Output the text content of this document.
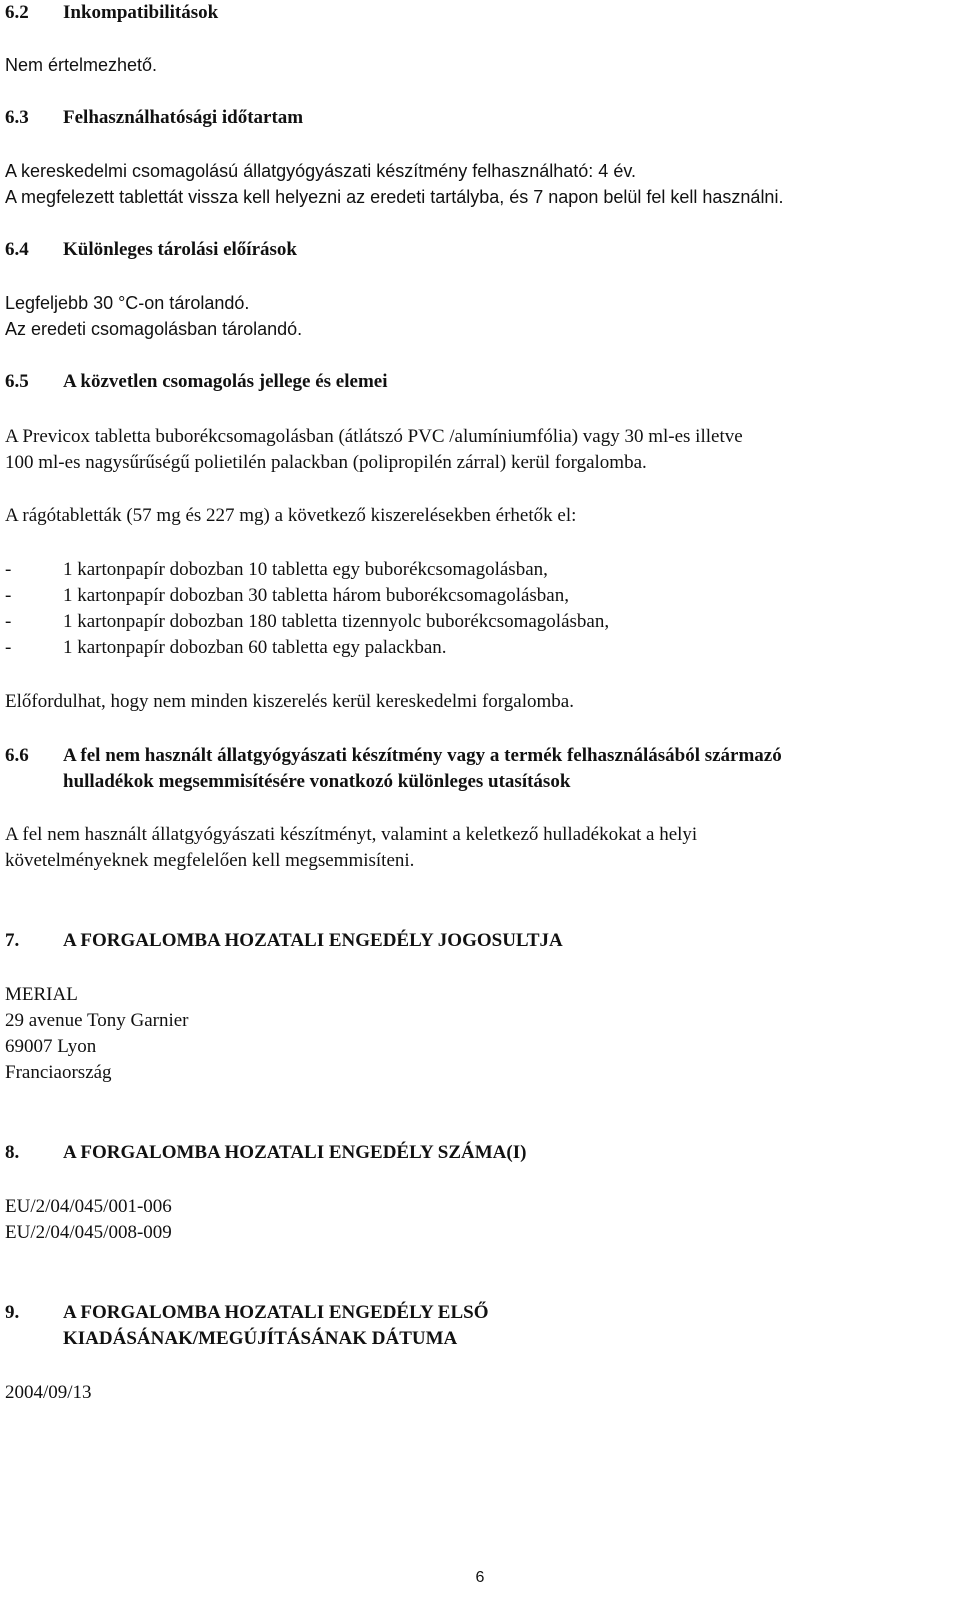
6.2 Inkompatibilitások

Nem értelmezhető.

6.3 Felhasználhatósági időtartam

A kereskedelmi csomagolású állatgyógyászati készítmény felhasználható: 4 év.

A megfelezett tablettát vissza kell helyezni az eredeti tartályba, és 7 napon belül fel kell használni.

6.4 Különleges tárolási előírások

Legfeljebb 30 °C-on tárolandó.

Az eredeti csomagolásban tárolandó.

6.5 A közvetlen csomagolás jellege és elemei

A Previcox tabletta buborékcsomagolásban (átlátszó PVC /alumíniumfólia) vagy 30 ml-es illetve

100 ml-es nagysűrűségű polietilén palackban (polipropilén zárral) kerül forgalomba.

A rágótabletták (57 mg és 227 mg) a következő kiszerelésekben érhetők el:

-	1 kartonpapír dobozban 10 tabletta egy buborékcsomagolásban,
-	1 kartonpapír dobozban 30 tabletta három buborékcsomagolásban,
-	1 kartonpapír dobozban 180 tabletta tizennyolc buborékcsomagolásban,
-	1 kartonpapír dobozban 60 tabletta egy palackban.

Előfordulhat, hogy nem minden kiszerelés kerül kereskedelmi forgalomba.

6.6 A fel nem használt állatgyógyászati készítmény vagy a termék felhasználásából származó
hulladékok megsemmisítésére vonatkozó különleges utasítások

A fel nem használt állatgyógyászati készítményt, valamint a keletkező hulladékokat a helyi

követelményeknek megfelelően kell megsemmisíteni.

7. A FORGALOMBA HOZATALI ENGEDÉLY JOGOSULTJA

MERIAL

29 avenue Tony Garnier

69007 Lyon

Franciaország

8. A FORGALOMBA HOZATALI ENGEDÉLY SZÁMA(I)

EU/2/04/045/001-006

EU/2/04/045/008-009

9. A FORGALOMBA HOZATALI ENGEDÉLY ELSŐ
KIADÁSÁNAK/MEGÚJÍTÁSÁNAK DÁTUMA

2004/09/13

6
